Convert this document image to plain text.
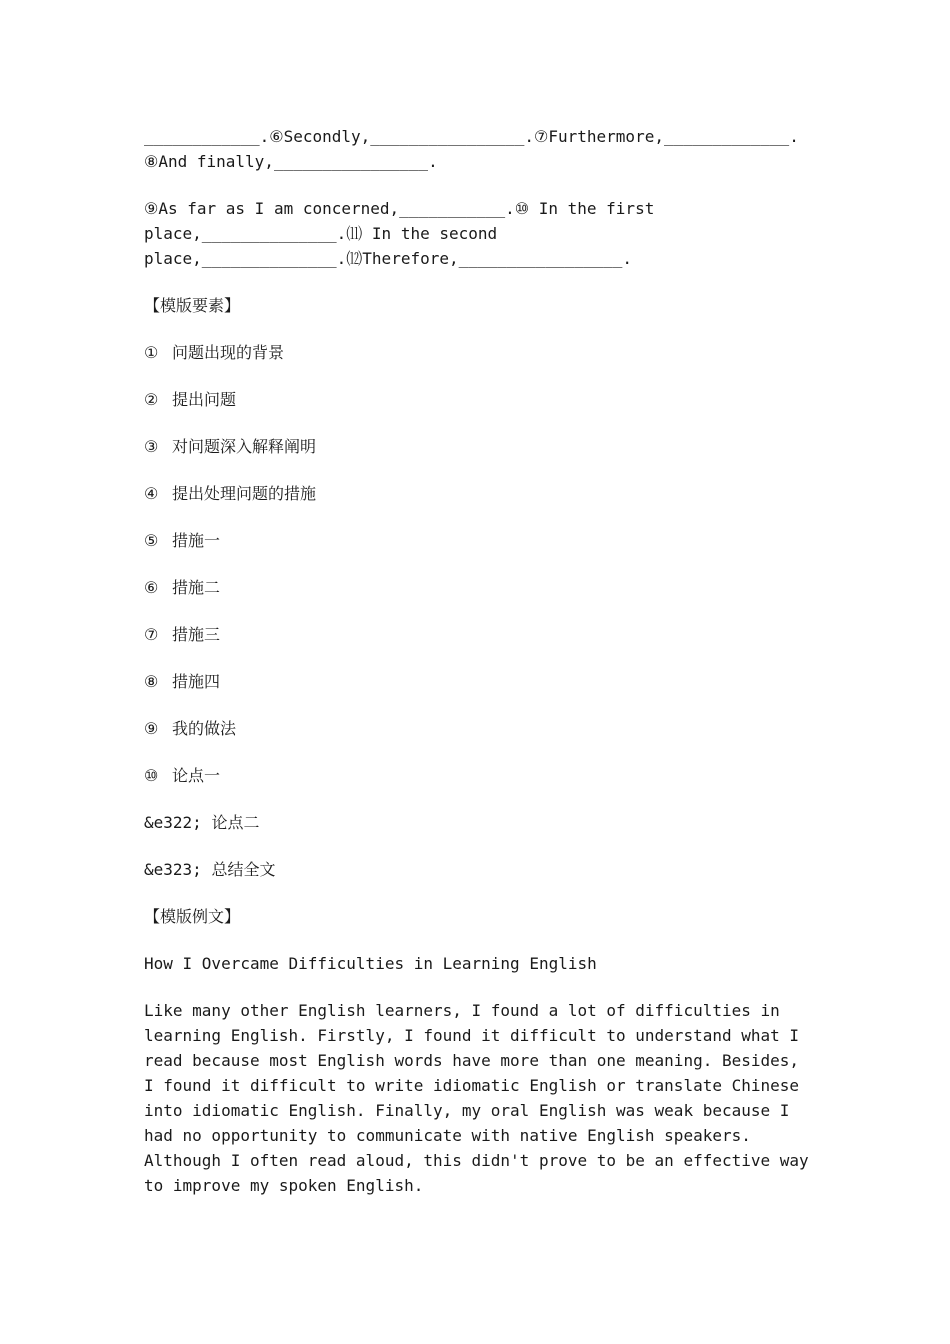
____________.⑥Secondly,________________.⑦Furthermore,_____________.

⑧And finally,________________.

⑨As far as I am concerned,___________.⑩ In the first

place,______________.⑾ In the second

place,______________.⑿Therefore,_________________.

【模版要素】

① 问题出现的背景

② 提出问题

③ 对问题深入解释阐明

④ 提出处理问题的措施

⑤ 措施一

⑥ 措施二

⑦ 措施三

⑧ 措施四

⑨ 我的做法

⑩ 论点一

&e322; 论点二

&e323; 总结全文

【模版例文】

How I Overcame Difficulties in Learning English

Like many other English learners, I found a lot of difficulties in

learning English. Firstly, I found it difficult to understand what I

read because most English words have more than one meaning. Besides,

I found it difficult to write idiomatic English or translate Chinese

into idiomatic English. Finally, my oral English was weak because I

had no opportunity to communicate with native English speakers.

Although I often read aloud, this didn't prove to be an effective way

to improve my spoken English.
